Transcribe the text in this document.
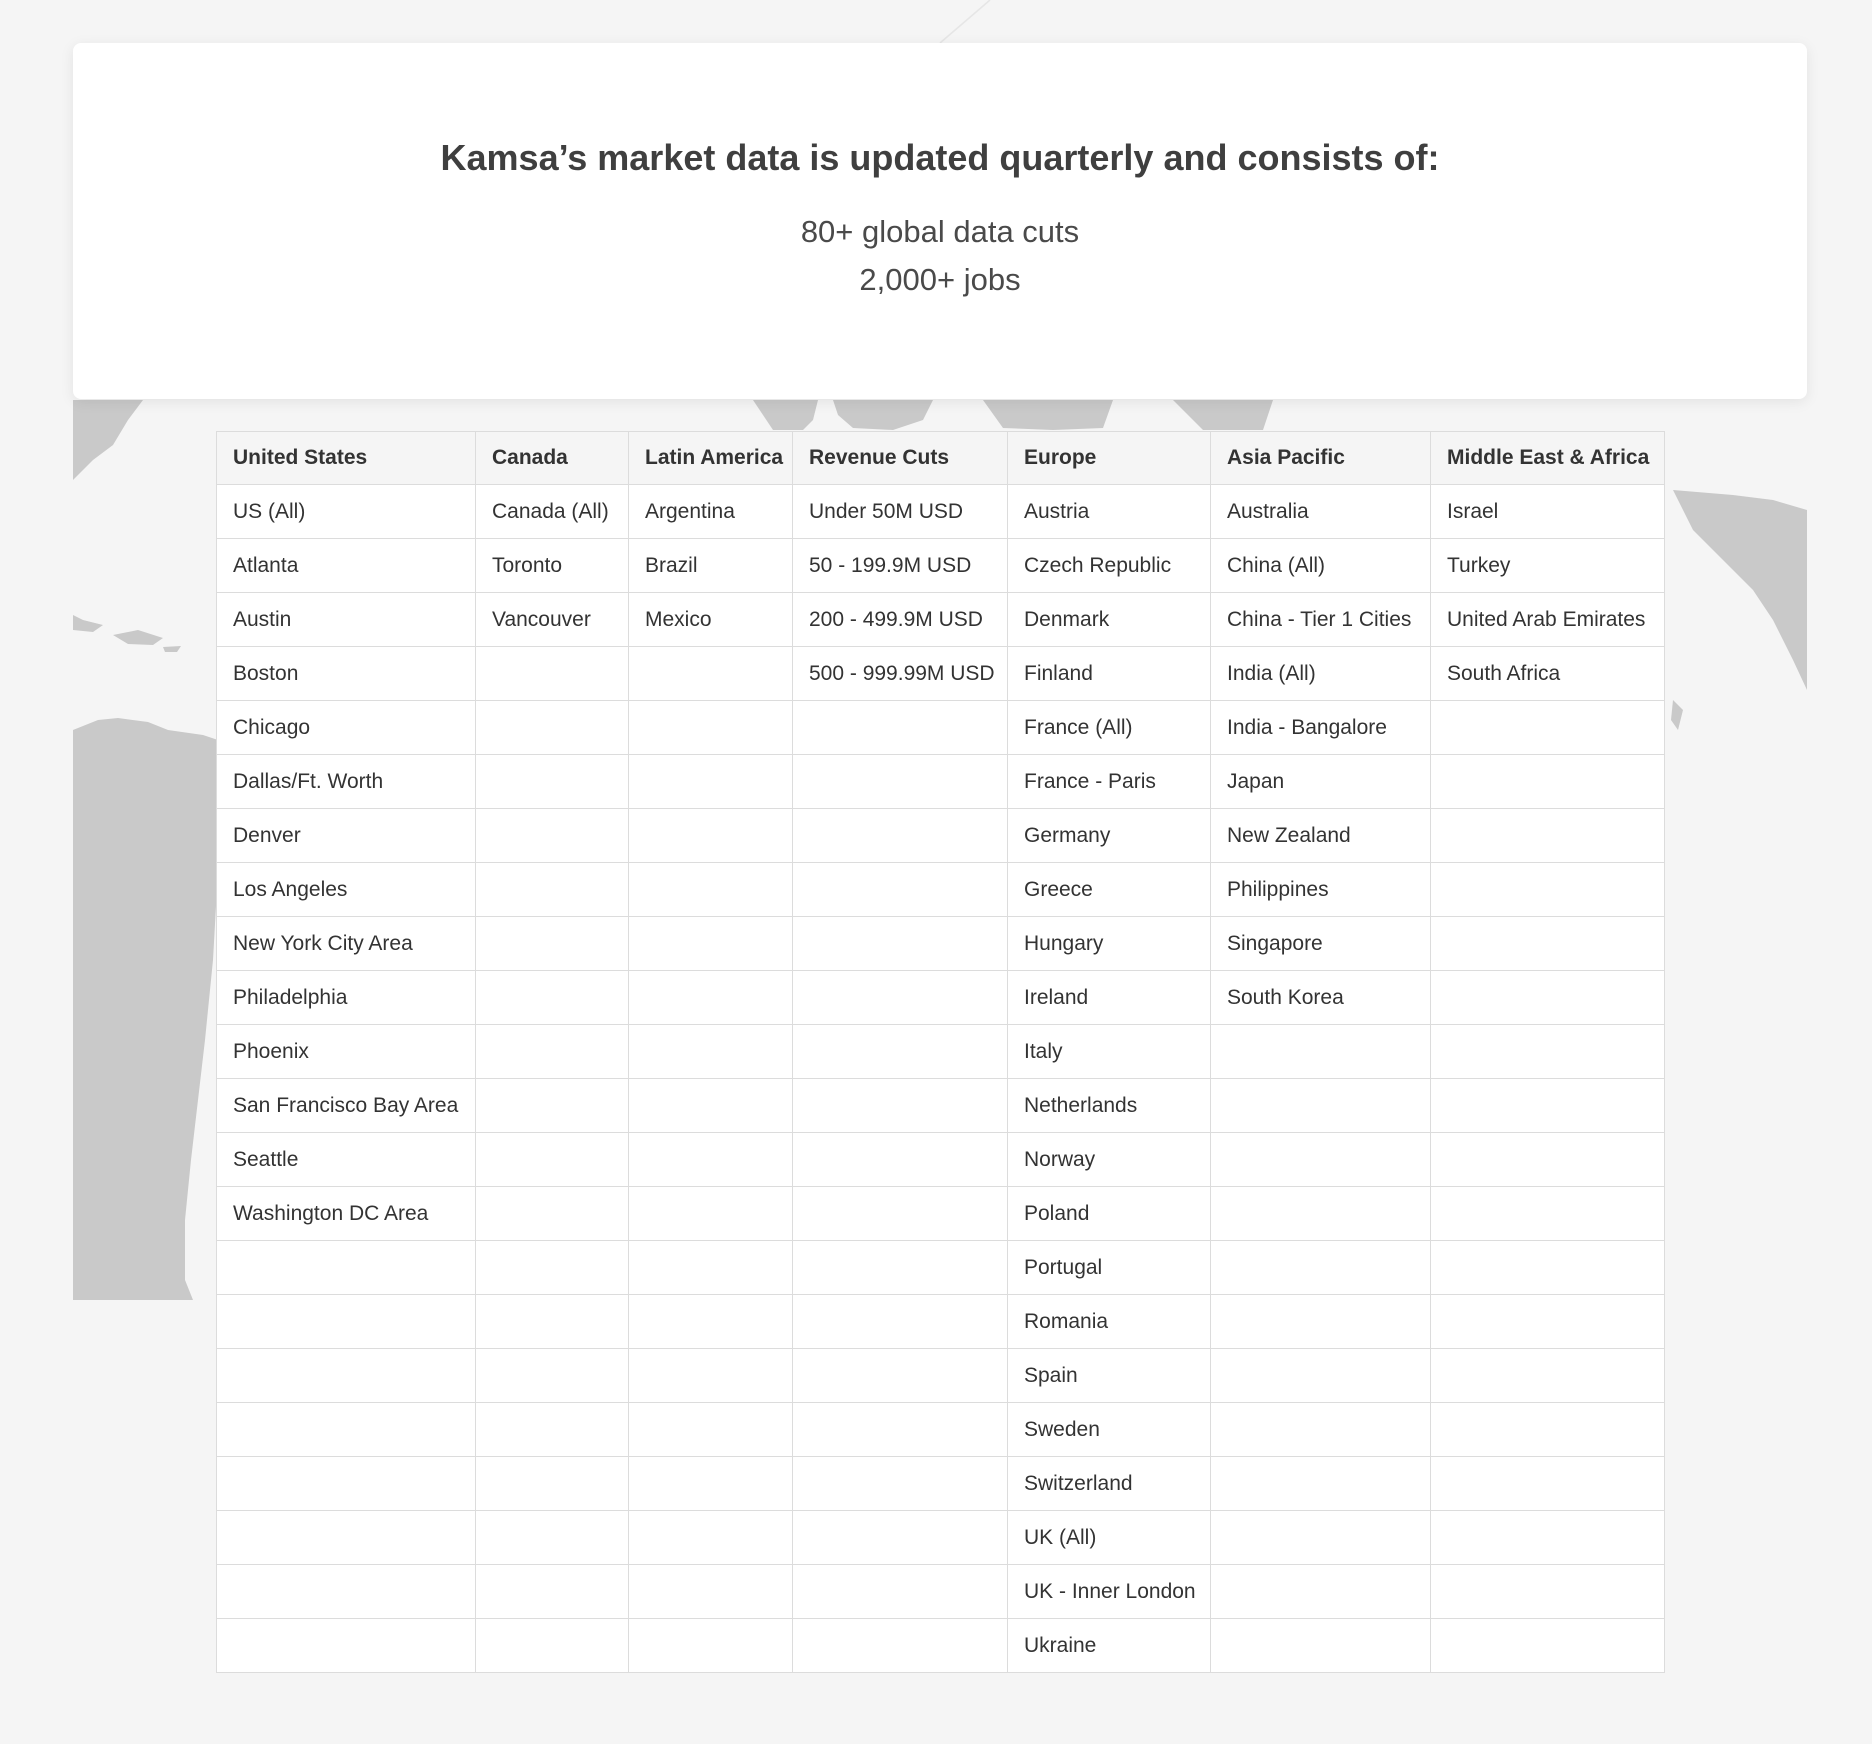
Kamsa’s market data is updated quarterly and consists of:
80+ global data cuts
2,000+ jobs
United States	Canada	Latin America	Revenue Cuts	Europe	Asia Pacific	Middle East & Africa
US (All)	Canada (All)	Argentina	Under 50M USD	Austria	Australia	Israel
Atlanta	Toronto	Brazil	50 - 199.9M USD	Czech Republic	China (All)	Turkey
Austin	Vancouver	Mexico	200 - 499.9M USD	Denmark	China - Tier 1 Cities	United Arab Emirates
Boston			500 - 999.99M USD	Finland	India (All)	South Africa
Chicago				France (All)	India - Bangalore	
Dallas/Ft. Worth				France - Paris	Japan	
Denver				Germany	New Zealand	
Los Angeles				Greece	Philippines	
New York City Area				Hungary	Singapore	
Philadelphia				Ireland	South Korea	
Phoenix				Italy		
San Francisco Bay Area				Netherlands		
Seattle				Norway		
Washington DC Area				Poland		
				Portugal		
				Romania		
				Spain		
				Sweden		
				Switzerland		
				UK (All)		
				UK - Inner London		
				Ukraine		
